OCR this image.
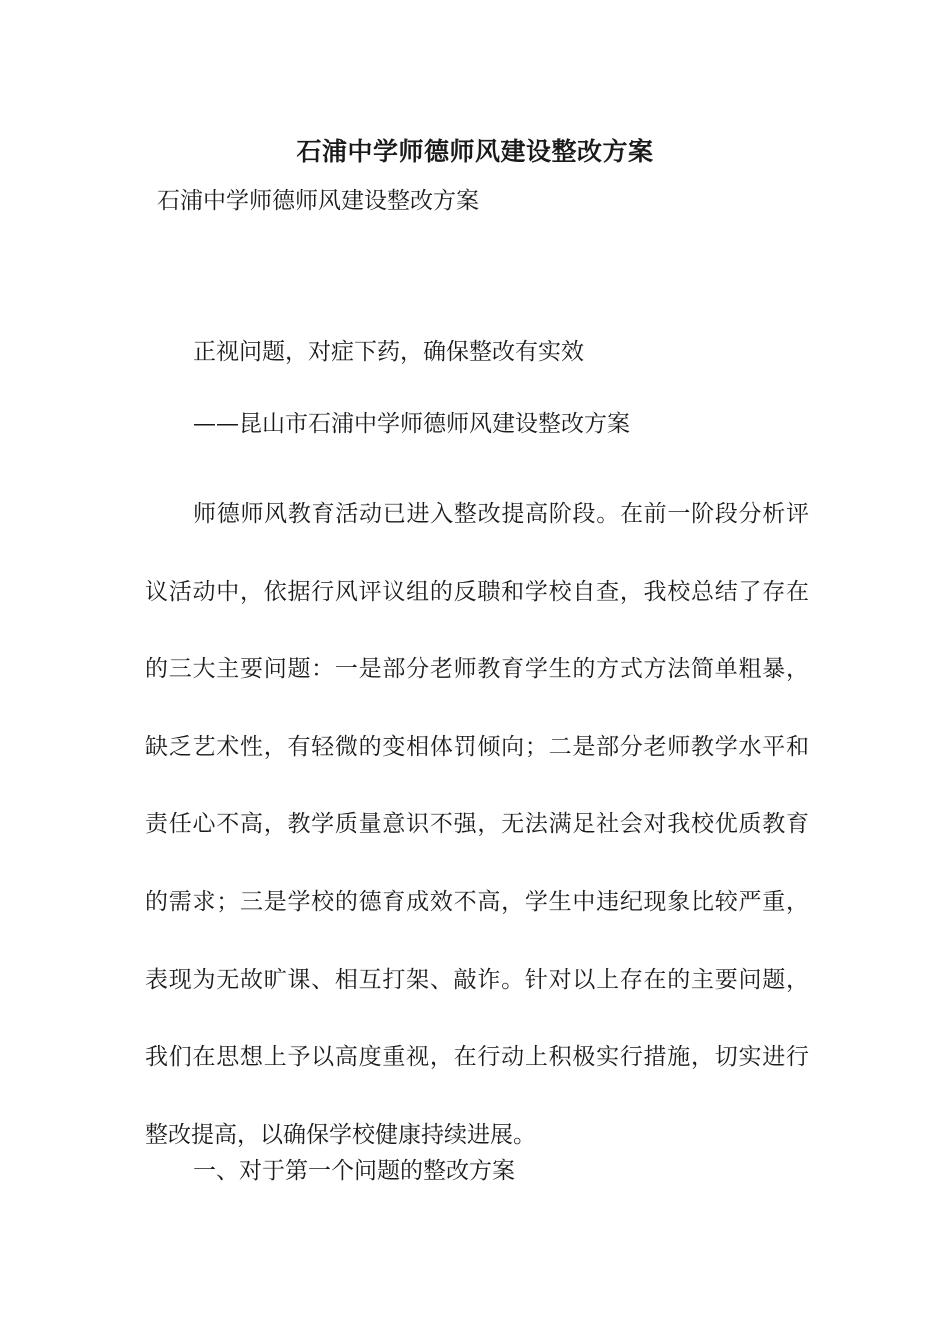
石浦中学师德师风建设整改方案
石浦中学师德师风建设整改方案
正视问题，对症下药，确保整改有实效
——昆山市石浦中学师德师风建设整改方案

师德师风教育活动已进入整改提高阶段。在前一阶段分析评议活动中，依据行风评议组的反聩和学校自查，我校总结了存在的三大主要问题：一是部分老师教育学生的方式方法简单粗暴，缺乏艺术性，有轻微的变相体罚倾向；二是部分老师教学水平和责任心不高，教学质量意识不强，无法满足社会对我校优质教育的需求；三是学校的德育成效不高，学生中违纪现象比较严重，表现为无故旷课、相互打架、敲诈。针对以上存在的主要问题，我们在思想上予以高度重视，在行动上积极实行措施，切实进行整改提高，以确保学校健康持续进展。

一、对于第一个问题的整改方案
